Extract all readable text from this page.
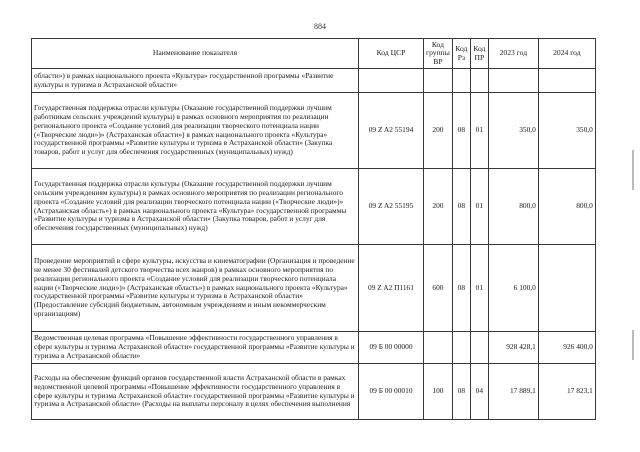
884
Наименование показателя	Код ЦСР	Код группы ВР	Код Рз	Код ПР	2023 год	2024 год
области») в рамках национального проекта «Культура» государственной программы «Развитие культуры и туризма в Астраханской области»						
Государственная поддержка отрасли культуры (Оказание государственной поддержки лучшим работникам сельских учреждений культуры) в рамках основного мероприятия по реализации регионального проекта «Создание условий для реализации творческого потенциала нации («Творческие люди»)» (Астраханская области») в рамках национального проекта «Культура» государственной программы «Развитие культуры и туризма в Астраханской области» (Закупка товаров, работ и услуг для обеспечения государственных (муниципальных) нужд)	09 Z A2 55194	200	08	01	350,0	350,0
Государственная поддержка отрасли культуры (Оказание государственной поддержки лучшим сельским учреждениям культуры) в рамках основного мероприятия по реализации регионального проекта «Создание условий для реализации творческого потенциала нации («Творческие люди»)» (Астраханская область») в рамках национального проекта «Культура» государственной программы «Развитие культуры и туризма в Астраханской области» (Закупка товаров, работ и услуг для обеспечения государственных (муниципальных) нужд)	09 Z A2 55195	200	08	01	800,0	800,0
Проведение мероприятий в сфере культуры, искусства и кинематографии (Организация и проведение не менее 30 фестивалей детского творчества всех жанров) в рамках основного мероприятия по реализации регионального проекта «Создание условий для реализации творческого потенциала нации («Творческие люди»)» (Астраханская область») в рамках национального проекта «Культура» государственной программы «Развитие культуры и туризма в Астраханской области» (Предоставление субсидий бюджетным, автономным учреждениям и иным некоммерческим организациям)	09 Z A2 П1161	600	08	01	6 100,0	
Ведомственная целевая программа «Повышение эффективности государственного управления в сфере культуры и туризма Астраханской области» государственной программы «Развитие культуры и туризма в Астраханской области»	09 Б 00 00000				928 428,1	926 400,0
Расходы на обеспечение функций органов государственной власти Астраханской области в рамках ведомственной целевой программы «Повышение эффективности государственного управления в сфере культуры и туризма Астраханской области» государственной программы «Развитие культуры и туризма в Астраханской области» (Расходы на выплаты персоналу в целях обеспечения выполнения	09 Б 00 00010	100	08	04	17 889,1	17 823,1
